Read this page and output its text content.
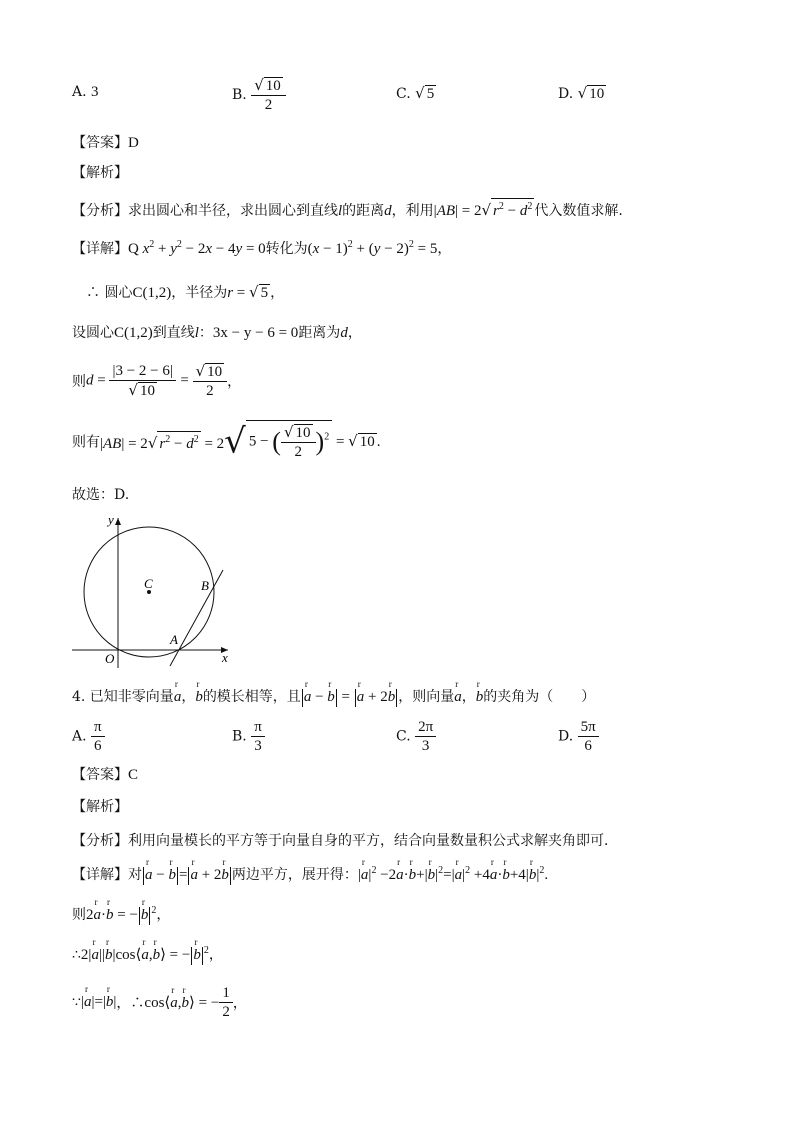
A. 3	B. $\frac{√ 10}{2}$	C. √ 5	D. √ 10
【答案】D
【解析】
【分析】求出圆心和半径，求出圆心到直线l的距离d，利用|AB| = 2√ $r^2 - d^2$ 代入数值求解.
【详解】Q $x^2 + y^2 - 2x - 4y = 0$转化为$(x - 1)^2 + (y - 2)^2 = 5$，
∴ 圆心C(1,2)，半径为r = √ 5 ，
设圆心C(1,2)到直线l：3x − y − 6 = 0距离为d，
则$d = \frac{|3 - 2 - 6|}{√ 10} = \frac{√ 10}{2}$ ，
则有|AB| = 2√ $r^2 - d^2 = 2√$ 5 − ( $\frac{√ 10}{2} )^2$ = √ 10 .
故选：D.
y
x
O
C
A
B
4. 已知非零向量r a，r b的模长相等，且 r a − r b = r a + 2r b ，则向量r a，r b的夹角为（　　）
A. $\frac{\pi}{6}$	B. $\frac{\pi}{3}$	C. $\frac{2\pi}{3}$	D. $\frac{5\pi}{6}$
【答案】C
【解析】
【分析】利用向量模长的平方等于向量自身的平方，结合向量数量积公式求解夹角即可．
【详解】对 r a − r b = r a + 2r b 两边平方，展开得：|r $a|^2 -2r$ a·r b+|r $b|^2=|r$ $a|^2 +4r$ a·r b+4|r $b|^2$.
则2r a·r b = − r b $^2$，
∴2|r a||r b|cos⟨r a,r b⟩ = − r b $^2$，
∵|r a|=|r b|，∴cos⟨r a,r b⟩ = − $\frac{1}{2}$ ，
